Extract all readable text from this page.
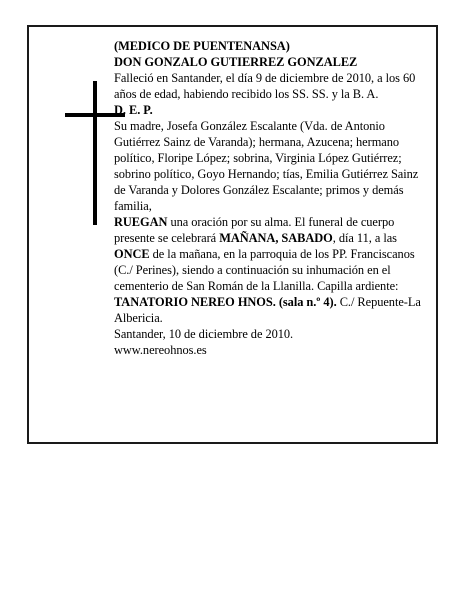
(MEDICO DE PUENTENANSA)

DON GONZALO GUTIERREZ GONZALEZ

Falleció en Santander, el día 9 de diciembre de 2010, a los 60 años de edad, habiendo recibido los SS. SS. y la B. A.

D. E. P.

Su madre, Josefa González Escalante (Vda. de Antonio Gutiérrez Sainz de Varanda); hermana, Azucena; hermano político, Floripe López; sobrina, Virginia López Gutiérrez; sobrino político, Goyo Hernando; tías, Emilia Gutiérrez Sainz de Varanda y Dolores González Escalante; primos y demás familia,

RUEGAN una oración por su alma. El funeral de cuerpo presente se celebrará MAÑANA, SABADO, día 11, a las ONCE de la mañana, en la parroquia de los PP. Franciscanos (C./ Perines), siendo a continuación su inhumación en el cementerio de San Román de la Llanilla. Capilla ardiente: TANATORIO NEREO HNOS. (sala n.º 4). C./ Repuente-La Albericia.

Santander, 10 de diciembre de 2010.

www.nereohnos.es
